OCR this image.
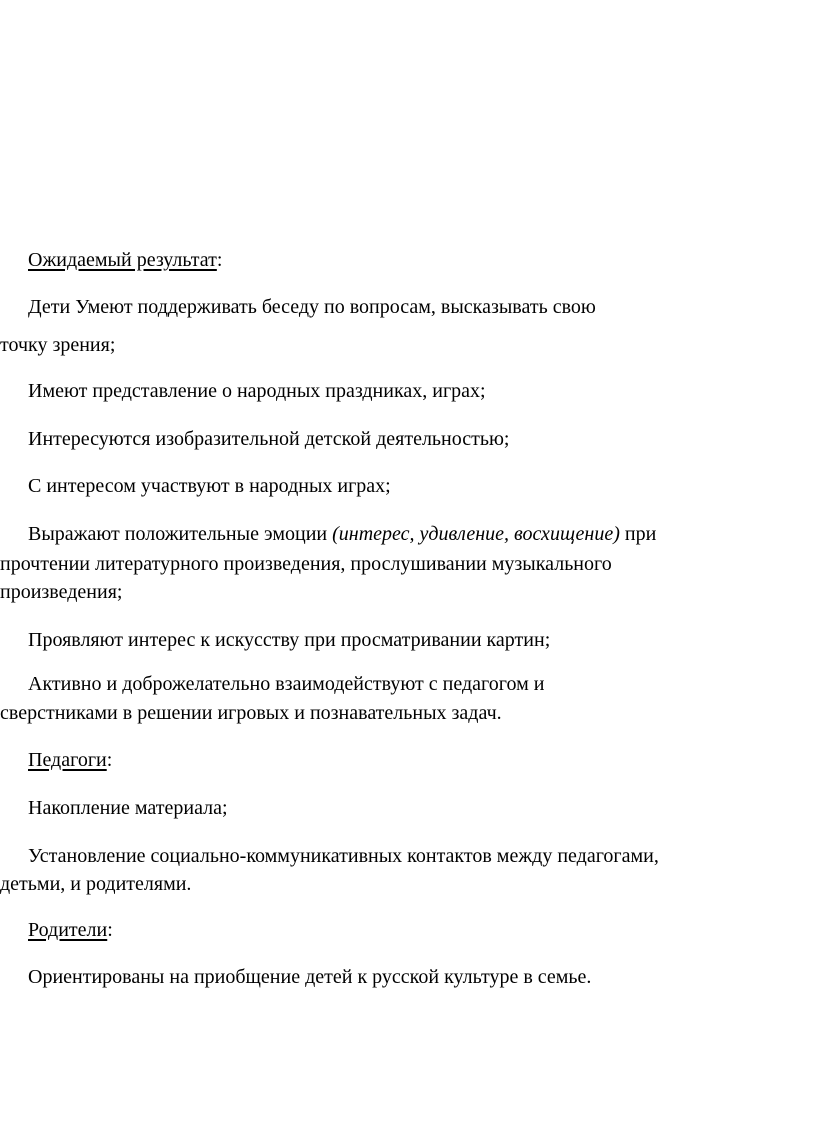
Ожидаемый результат:
Дети Умеют поддерживать беседу по вопросам, высказывать свою
точку зрения;
Имеют представление о народных праздниках, играх;
Интересуются изобразительной детской деятельностью;
С интересом участвуют в народных играх;
Выражают положительные эмоции (интерес, удивление, восхищение) при
прочтении литературного произведения, прослушивании музыкального
произведения;
Проявляют интерес к искусству при просматривании картин;
Активно и доброжелательно взаимодействуют с педагогом и
сверстниками в решении игровых и познавательных задач.
Педагоги:
Накопление материала;
Установление социально-коммуникативных контактов между педагогами,
детьми, и родителями.
Родители:
Ориентированы на приобщение детей к русской культуре в семье.
